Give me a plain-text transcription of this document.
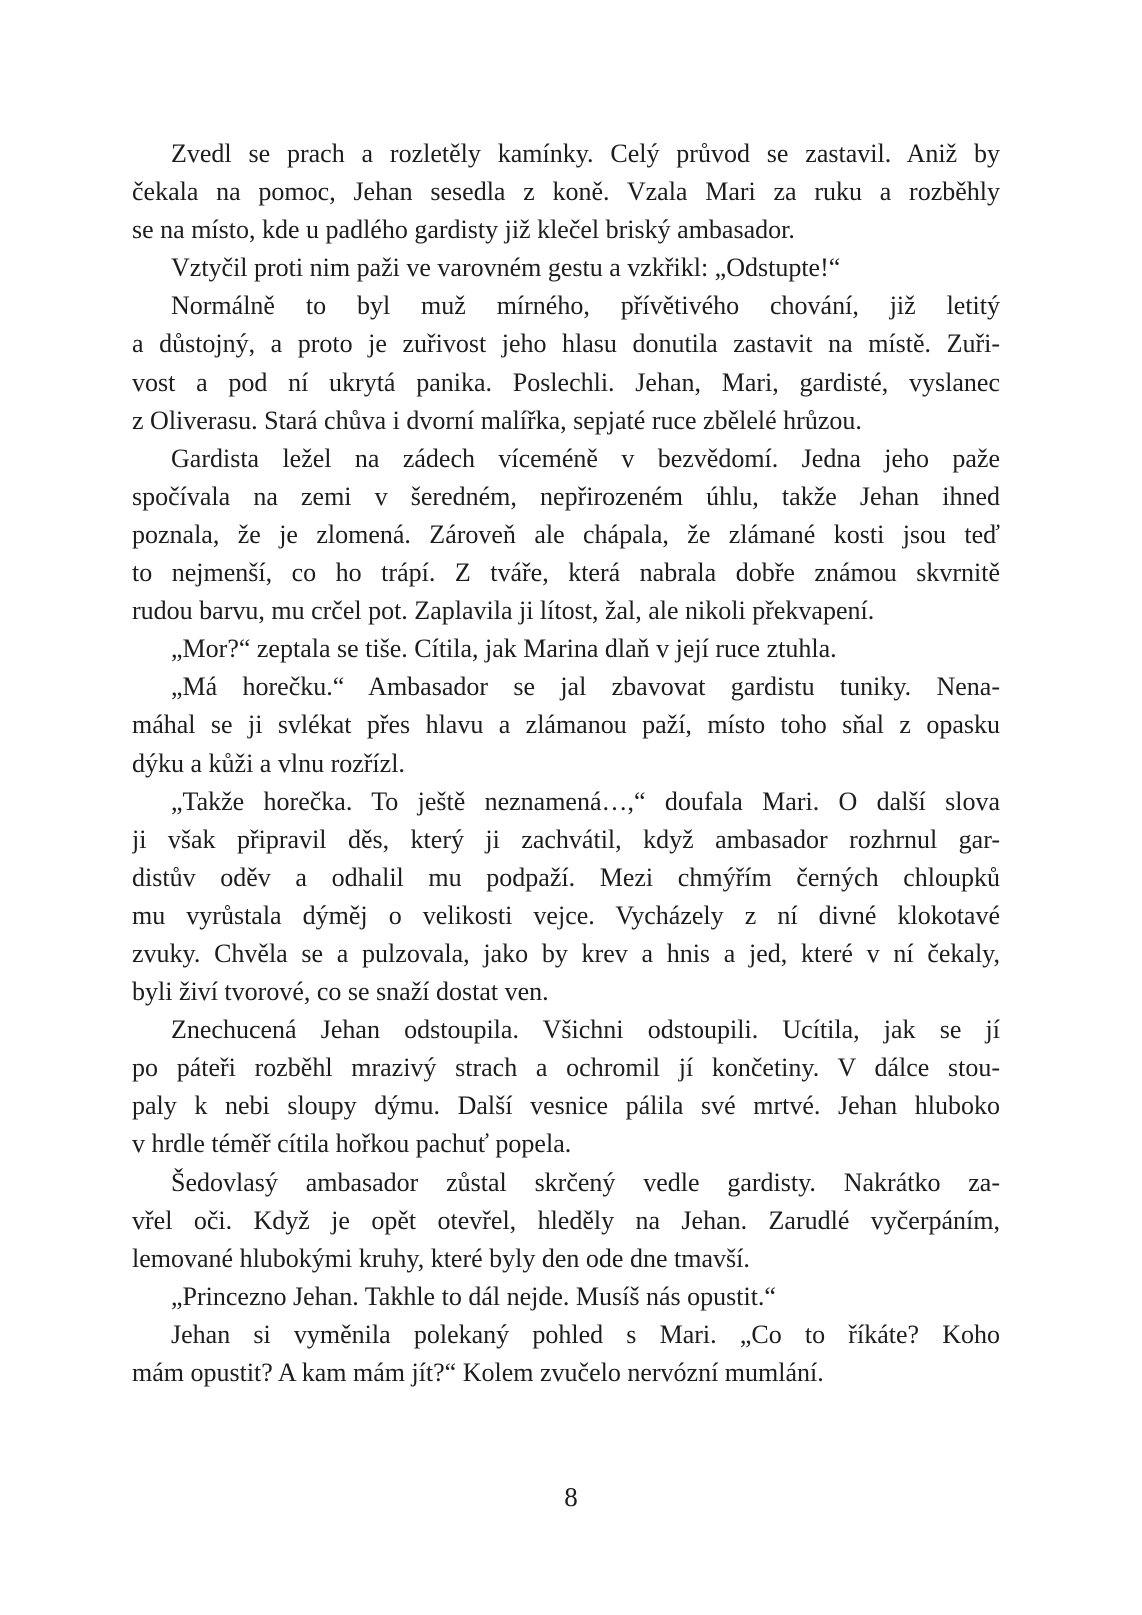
Zvedl se prach a rozletěly kamínky. Celý průvod se zastavil. Aniž by
čekala na pomoc, Jehan sesedla z koně. Vzala Mari za ruku a rozběhly
se na místo, kde u padlého gardisty již klečel briský ambasador.
Vztyčil proti nim paži ve varovném gestu a vzkřikl: „Odstupte!“
Normálně to byl muž mírného, přívětivého chování, již letitý
a důstojný, a proto je zuřivost jeho hlasu donutila zastavit na místě. Zuři-
vost a pod ní ukrytá panika. Poslechli. Jehan, Mari, gardisté, vyslanec
z Oliverasu. Stará chůva i dvorní malířka, sepjaté ruce zbělelé hrůzou.
Gardista ležel na zádech víceméně v bezvědomí. Jedna jeho paže
spočívala na zemi v šeredném, nepřirozeném úhlu, takže Jehan ihned
poznala, že je zlomená. Zároveň ale chápala, že zlámané kosti jsou teď
to nejmenší, co ho trápí. Z tváře, která nabrala dobře známou skvrnitě
rudou barvu, mu crčel pot. Zaplavila ji lítost, žal, ale nikoli překvapení.
„Mor?“ zeptala se tiše. Cítila, jak Marina dlaň v její ruce ztuhla.
„Má horečku.“ Ambasador se jal zbavovat gardistu tuniky. Nena-
máhal se ji svlékat přes hlavu a zlámanou paží, místo toho sňal z opasku
dýku a kůži a vlnu rozřízl.
„Takže horečka. To ještě neznamená…,“ doufala Mari. O další slova
ji však připravil děs, který ji zachvátil, když ambasador rozhrnul gar-
distův oděv a odhalil mu podpaží. Mezi chmýřím černých chloupků
mu vyrůstala dýměj o velikosti vejce. Vycházely z ní divné klokotavé
zvuky. Chvěla se a pulzovala, jako by krev a hnis a jed, které v ní čekaly,
byli živí tvorové, co se snaží dostat ven.
Znechucená Jehan odstoupila. Všichni odstoupili. Ucítila, jak se jí
po páteři rozběhl mrazivý strach a ochromil jí končetiny. V dálce stou-
paly k nebi sloupy dýmu. Další vesnice pálila své mrtvé. Jehan hluboko
v hrdle téměř cítila hořkou pachuť popela.
Šedovlasý ambasador zůstal skrčený vedle gardisty. Nakrátko za-
vřel oči. Když je opět otevřel, hleděly na Jehan. Zarudlé vyčerpáním,
lemované hlubokými kruhy, které byly den ode dne tmavší.
„Princezno Jehan. Takhle to dál nejde. Musíš nás opustit.“
Jehan si vyměnila polekaný pohled s Mari. „Co to říkáte? Koho
mám opustit? A kam mám jít?“ Kolem zvučelo nervózní mumlání.
8
